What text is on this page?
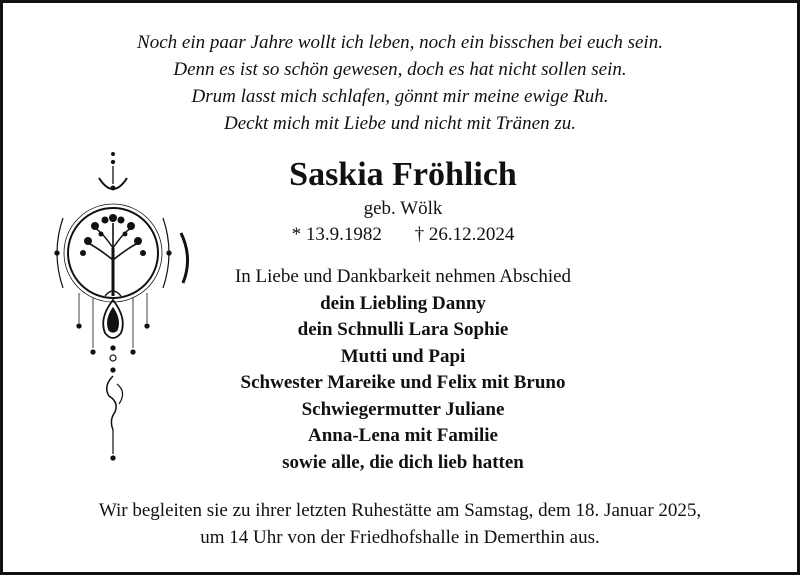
Noch ein paar Jahre wollt ich leben, noch ein bisschen bei euch sein.
Denn es ist so schön gewesen, doch es hat nicht sollen sein.
Drum lasst mich schlafen, gönnt mir meine ewige Ruh.
Deckt mich mit Liebe und nicht mit Tränen zu.
Saskia Fröhlich
geb. Wölk
* 13.9.1982 † 26.12.2024
In Liebe und Dankbarkeit nehmen Abschied
dein Liebling Danny
dein Schnulli Lara Sophie
Mutti und Papi
Schwester Mareike und Felix mit Bruno
Schwiegermutter Juliane
Anna-Lena mit Familie
sowie alle, die dich lieb hatten
Wir begleiten sie zu ihrer letzten Ruhestätte am Samstag, dem 18. Januar 2025,
um 14 Uhr von der Friedhofshalle in Demerthin aus.
